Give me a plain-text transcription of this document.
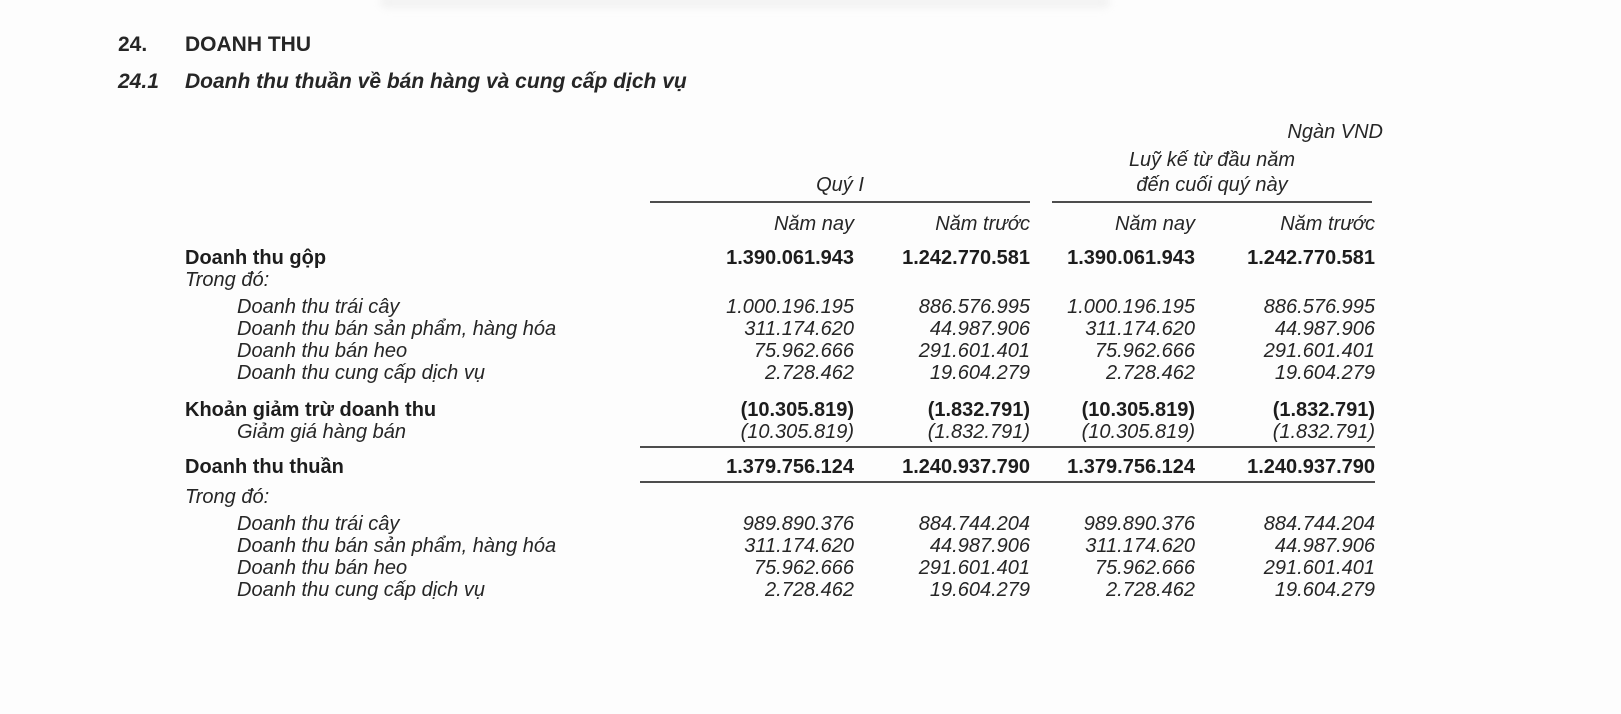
24.	DOANH THU
24.1	Doanh thu thuần về bán hàng và cung cấp dịch vụ
Ngàn VND
Quý I
Luỹ kế từ đầu năm
đến cuối quý này
Năm nay	Năm trước	Năm nay	Năm trước
Doanh thu gộp	1.390.061.943	1.242.770.581	1.390.061.943	1.242.770.581
Trong đó:
Doanh thu trái cây	1.000.196.195	886.576.995	1.000.196.195	886.576.995
Doanh thu bán sản phẩm, hàng hóa	311.174.620	44.987.906	311.174.620	44.987.906
Doanh thu bán heo	75.962.666	291.601.401	75.962.666	291.601.401
Doanh thu cung cấp dịch vụ	2.728.462	19.604.279	2.728.462	19.604.279
Khoản giảm trừ doanh thu	(10.305.819)	(1.832.791)	(10.305.819)	(1.832.791)
Giảm giá hàng bán	(10.305.819)	(1.832.791)	(10.305.819)	(1.832.791)
Doanh thu thuần	1.379.756.124	1.240.937.790	1.379.756.124	1.240.937.790
Trong đó:
Doanh thu trái cây	989.890.376	884.744.204	989.890.376	884.744.204
Doanh thu bán sản phẩm, hàng hóa	311.174.620	44.987.906	311.174.620	44.987.906
Doanh thu bán heo	75.962.666	291.601.401	75.962.666	291.601.401
Doanh thu cung cấp dịch vụ	2.728.462	19.604.279	2.728.462	19.604.279
